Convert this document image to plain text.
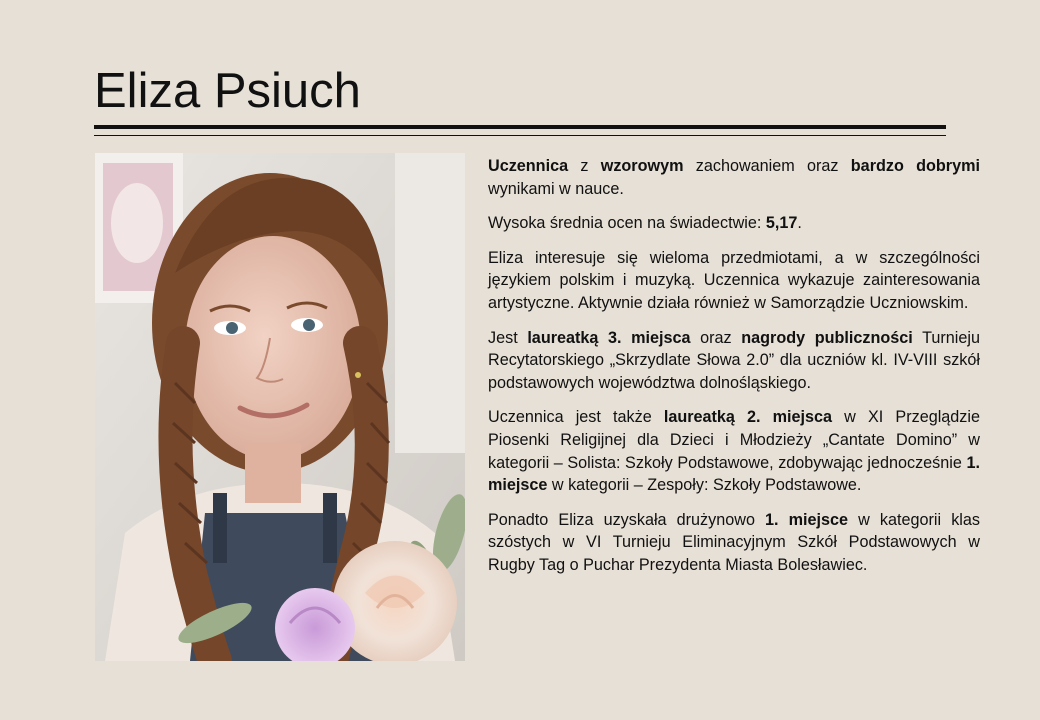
Eliza Psiuch

Uczennica z wzorowym zachowaniem oraz bardzo dobrymi wynikami w nauce.

Wysoka średnia ocen na świadectwie: 5,17.

Eliza interesuje się wieloma przedmiotami, a w szczególności językiem polskim i muzyką. Uczennica wykazuje zainteresowania artystyczne. Aktywnie działa również w Samorządzie Uczniowskim.

Jest laureatką 3. miejsca oraz nagrody publiczności Turnieju Recytatorskiego „Skrzydlate Słowa 2.0” dla uczniów kl. IV-VIII szkół podstawowych województwa dolnośląskiego.

Uczennica jest także laureatką 2. miejsca w XI Przeglądzie Piosenki Religijnej dla Dzieci i Młodzieży „Cantate Domino” w kategorii – Solista: Szkoły Podstawowe, zdobywając jednocześnie 1. miejsce w kategorii – Zespoły: Szkoły Podstawowe.

Ponadto Eliza uzyskała drużynowo 1. miejsce w kategorii klas szóstych w VI Turnieju Eliminacyjnym Szkół Podstawowych w Rugby Tag o Puchar Prezydenta Miasta Bolesławiec.
